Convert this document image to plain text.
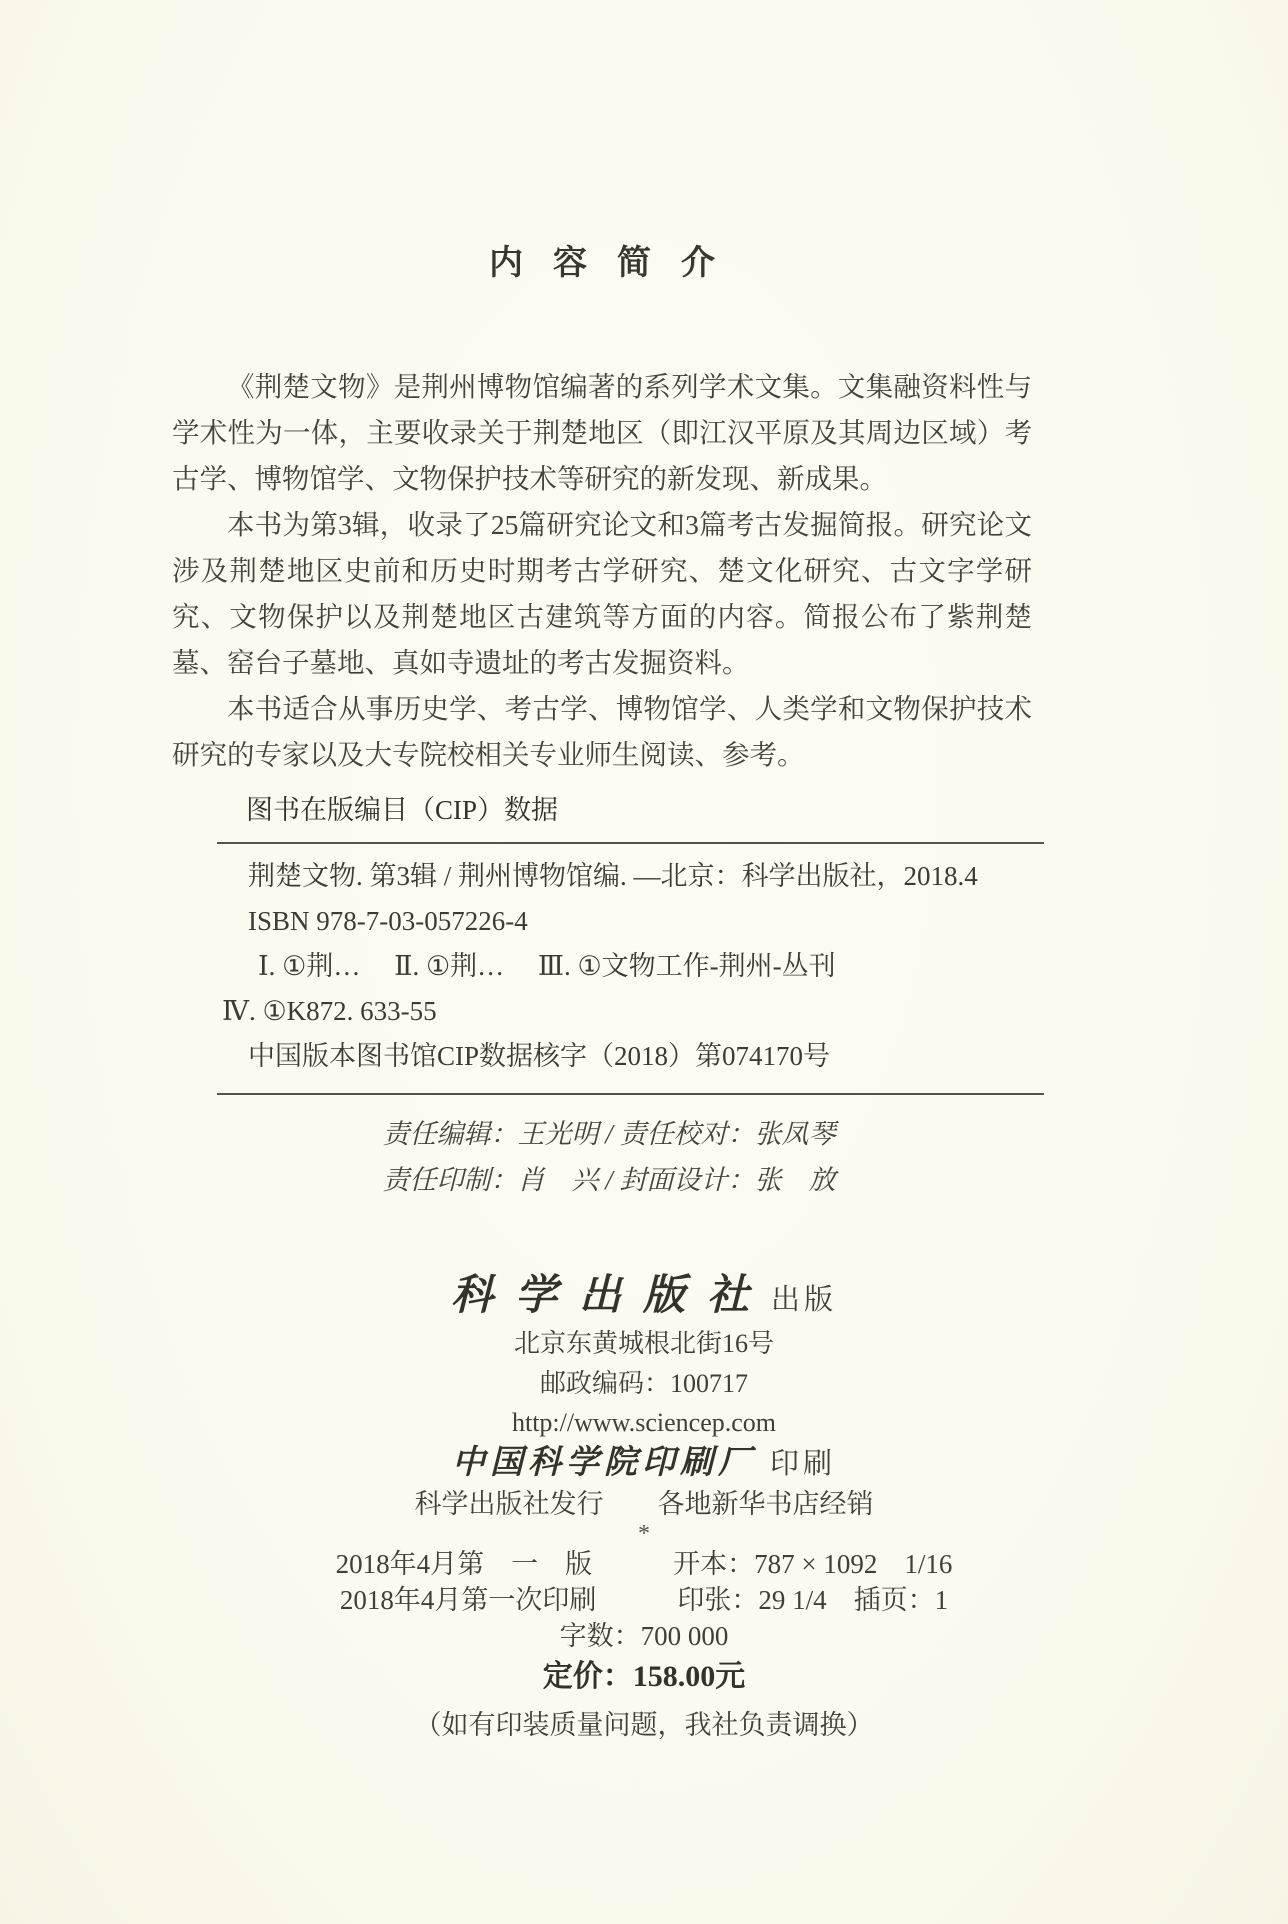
内容简介

《荆楚文物》是荆州博物馆编著的系列学术文集。文集融资料性与学术性为一体，主要收录关于荆楚地区（即江汉平原及其周边区域）考古学、博物馆学、文物保护技术等研究的新发现、新成果。

本书为第3辑，收录了25篇研究论文和3篇考古发掘简报。研究论文涉及荆楚地区史前和历史时期考古学研究、楚文化研究、古文字学研究、文物保护以及荆楚地区古建筑等方面的内容。简报公布了紫荆楚墓、窑台子墓地、真如寺遗址的考古发掘资料。

本书适合从事历史学、考古学、博物馆学、人类学和文物保护技术研究的专家以及大专院校相关专业师生阅读、参考。

图书在版编目（CIP）数据
荆楚文物. 第3辑 / 荆州博物馆编. —北京：科学出版社，2018.4
ISBN 978-7-03-057226-4
Ⅰ. ①荆…　 Ⅱ. ①荆…　 Ⅲ. ①文物工作-荆州-丛刊
Ⅳ. ①K872. 633-55
中国版本图书馆CIP数据核字（2018）第074170号
责任编辑：王光明 / 责任校对：张凤琴
责任印制：肖　兴 / 封面设计：张　放
科学出版社出版
北京东黄城根北街16号
邮政编码：100717
http://www.sciencep.com
中国科学院印刷厂 印刷
科学出版社发行　　各地新华书店经销
*
2018年4月第　一　版　　　开本：787 × 1092　1/16
2018年4月第一次印刷　　　印张：29 1/4　插页：1
字数：700 000
定价：158.00元
（如有印装质量问题，我社负责调换）
